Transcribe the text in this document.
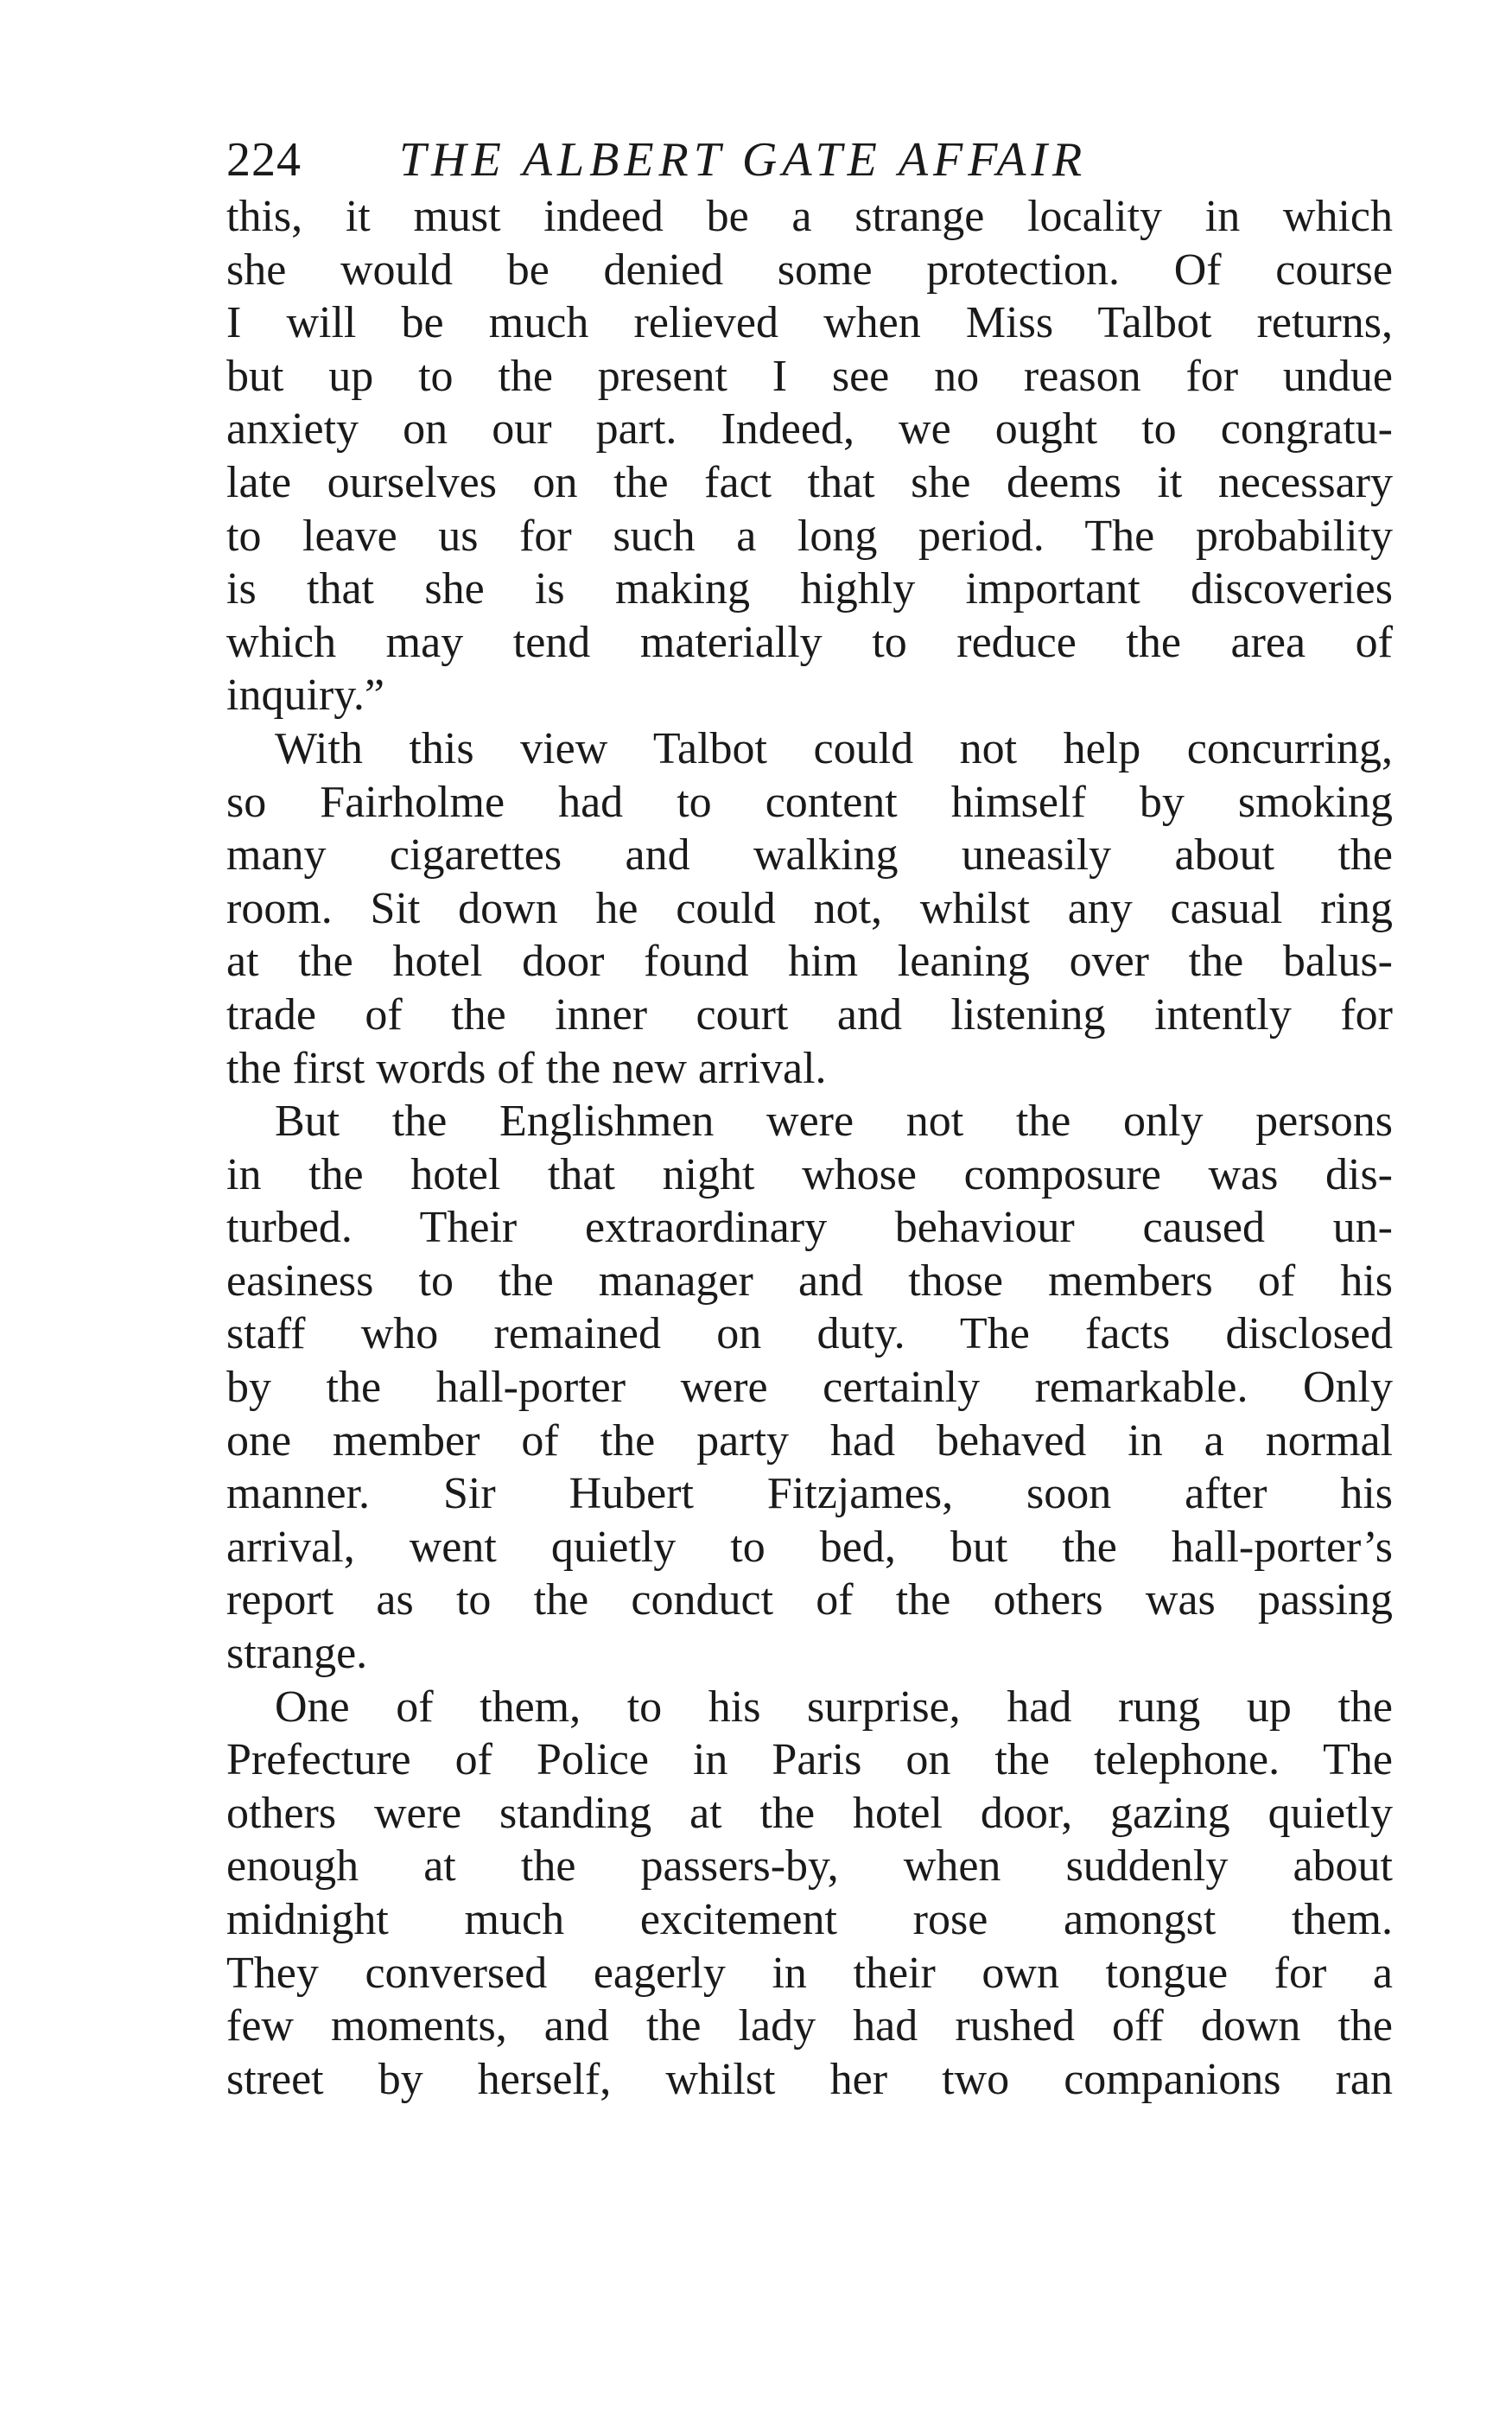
224 THE ALBERT GATE AFFAIR
this, it must indeed be a strange locality in which
she would be denied some protection. Of course
I will be much relieved when Miss Talbot returns,
but up to the present I see no reason for undue
anxiety on our part. Indeed, we ought to congratu-
late ourselves on the fact that she deems it necessary
to leave us for such a long period. The probability
is that she is making highly important discoveries
which may tend materially to reduce the area of
inquiry.”
With this view Talbot could not help concurring,
so Fairholme had to content himself by smoking
many cigarettes and walking uneasily about the
room. Sit down he could not, whilst any casual ring
at the hotel door found him leaning over the balus-
trade of the inner court and listening intently for
the first words of the new arrival.
But the Englishmen were not the only persons
in the hotel that night whose composure was dis-
turbed. Their extraordinary behaviour caused un-
easiness to the manager and those members of his
staff who remained on duty. The facts disclosed
by the hall-porter were certainly remarkable. Only
one member of the party had behaved in a normal
manner. Sir Hubert Fitzjames, soon after his
arrival, went quietly to bed, but the hall-porter’s
report as to the conduct of the others was passing
strange.
One of them, to his surprise, had rung up the
Prefecture of Police in Paris on the telephone. The
others were standing at the hotel door, gazing quietly
enough at the passers-by, when suddenly about
midnight much excitement rose amongst them.
They conversed eagerly in their own tongue for a
few moments, and the lady had rushed off down the
street by herself, whilst her two companions ran
